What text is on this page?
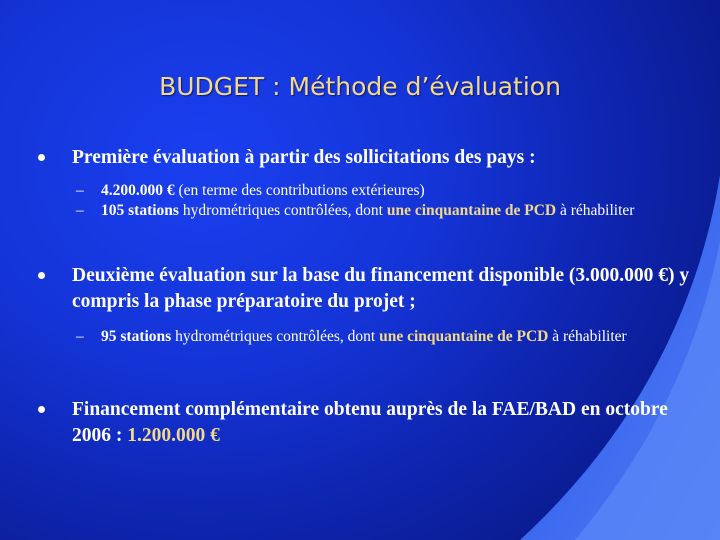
BUDGET : Méthode d’évaluation
Première évaluation à partir des sollicitations des pays :
– 4.200.000 € (en terme des contributions extérieures)
– 105 stations hydrométriques contrôlées, dont une cinquantaine de PCD à réhabiliter
Deuxième évaluation sur la base du financement disponible (3.000.000 €) y compris la phase préparatoire du projet ;
– 95 stations hydrométriques contrôlées, dont une cinquantaine de PCD à réhabiliter
Financement complémentaire obtenu auprès de la FAE/BAD en octobre 2006 : 1.200.000 €
